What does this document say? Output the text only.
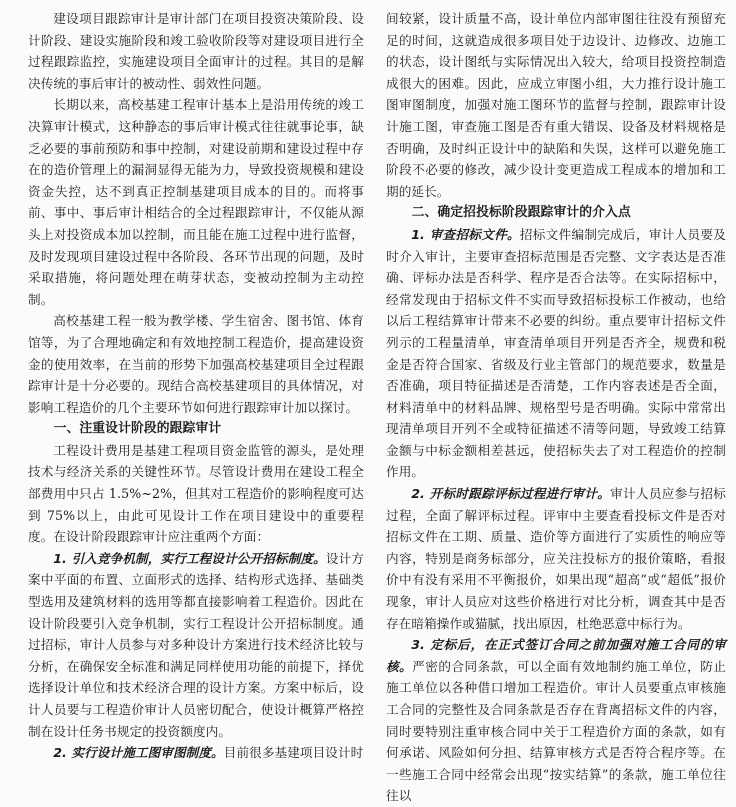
建设项目跟踪审计是审计部门在项目投资决策阶段、设计阶段、建设实施阶段和竣工验收阶段等对建设项目进行全过程跟踪监控，实施建设项目全面审计的过程。其目的是解决传统的事后审计的被动性、弱效性问题。

长期以来，高校基建工程审计基本上是沿用传统的竣工决算审计模式，这种静态的事后审计模式往往就事论事，缺乏必要的事前预防和事中控制，对建设前期和建设过程中存在的造价管理上的漏洞显得无能为力，导致投资规模和建设资金失控，达不到真正控制基建项目成本的目的。而将事前、事中、事后审计相结合的全过程跟踪审计，不仅能从源头上对投资成本加以控制，而且能在施工过程中进行监督，及时发现项目建设过程中各阶段、各环节出现的问题，及时采取措施，将问题处理在萌芽状态，变被动控制为主动控制。

高校基建工程一般为教学楼、学生宿舍、图书馆、体育馆等，为了合理地确定和有效地控制工程造价，提高建设资金的使用效率，在当前的形势下加强高校基建项目全过程跟踪审计是十分必要的。现结合高校基建项目的具体情况，对影响工程造价的几个主要环节如何进行跟踪审计加以探讨。

一、注重设计阶段的跟踪审计

工程设计费用是基建工程项目资金监管的源头，是处理技术与经济关系的关键性环节。尽管设计费用在建设工程全部费用中只占 1.5%~2%，但其对工程造价的影响程度可达到 75%以上，由此可见设计工作在项目建设中的重要程度。在设计阶段跟踪审计应注重两个方面：

1. 引入竞争机制，实行工程设计公开招标制度。设计方案中平面的布置、立面形式的选择、结构形式选择、基础类型选用及建筑材料的选用等都直接影响着工程造价。因此在设计阶段要引入竞争机制，实行工程设计公开招标制度。通过招标，审计人员参与对多种设计方案进行技术经济比较与分析，在确保安全标准和满足同样使用功能的前提下，择优选择设计单位和技术经济合理的设计方案。方案中标后，设计人员要与工程造价审计人员密切配合，使设计概算严格控制在设计任务书规定的投资额度内。

2. 实行设计施工图审图制度。目前很多基建项目设计时

间较紧，设计质量不高，设计单位内部审图往往没有预留充足的时间，这就造成很多项目处于边设计、边修改、边施工的状态，设计图纸与实际情况出入较大，给项目投资控制造成很大的困难。因此，应成立审图小组，大力推行设计施工图审图制度，加强对施工图环节的监督与控制，跟踪审计设计施工图，审查施工图是否有重大错误、设备及材料规格是否明确，及时纠正设计中的缺陷和失误，这样可以避免施工阶段不必要的修改，减少设计变更造成工程成本的增加和工期的延长。

二、确定招投标阶段跟踪审计的介入点

1. 审查招标文件。招标文件编制完成后，审计人员要及时介入审计，主要审查招标范围是否完整、文字表达是否准确、评标办法是否科学、程序是否合法等。在实际招标中，经常发现由于招标文件不实而导致招标投标工作被动，也给以后工程结算审计带来不必要的纠纷。重点要审计招标文件列示的工程量清单，审查清单项目开列是否齐全，规费和税金是否符合国家、省级及行业主管部门的规范要求，数量是否准确，项目特征描述是否清楚，工作内容表述是否全面，材料清单中的材料品牌、规格型号是否明确。实际中常常出现清单项目开列不全或特征描述不清等问题，导致竣工结算金额与中标金额相差甚远，使招标失去了对工程造价的控制作用。

2. 开标时跟踪评标过程进行审计。审计人员应参与招标过程，全面了解评标过程。评审中主要查看投标文件是否对招标文件在工期、质量、造价等方面进行了实质性的响应等内容，特别是商务标部分，应关注投标方的报价策略，看报价中有没有采用不平衡报价，如果出现“超高”或“超低”报价现象，审计人员应对这些价格进行对比分析，调查其中是否存在暗箱操作或猫腻，找出原因，杜绝恶意中标行为。

3. 定标后，在正式签订合同之前加强对施工合同的审核。严密的合同条款，可以全面有效地制约施工单位，防止施工单位以各种借口增加工程造价。审计人员要重点审核施工合同的完整性及合同条款是否存在背离招标文件的内容，同时要特别注重审核合同中关于工程造价方面的条款，如有何承诺、风险如何分担、结算审核方式是否符合程序等。在一些施工合同中经常会出现“按实结算”的条款，施工单位往往以
